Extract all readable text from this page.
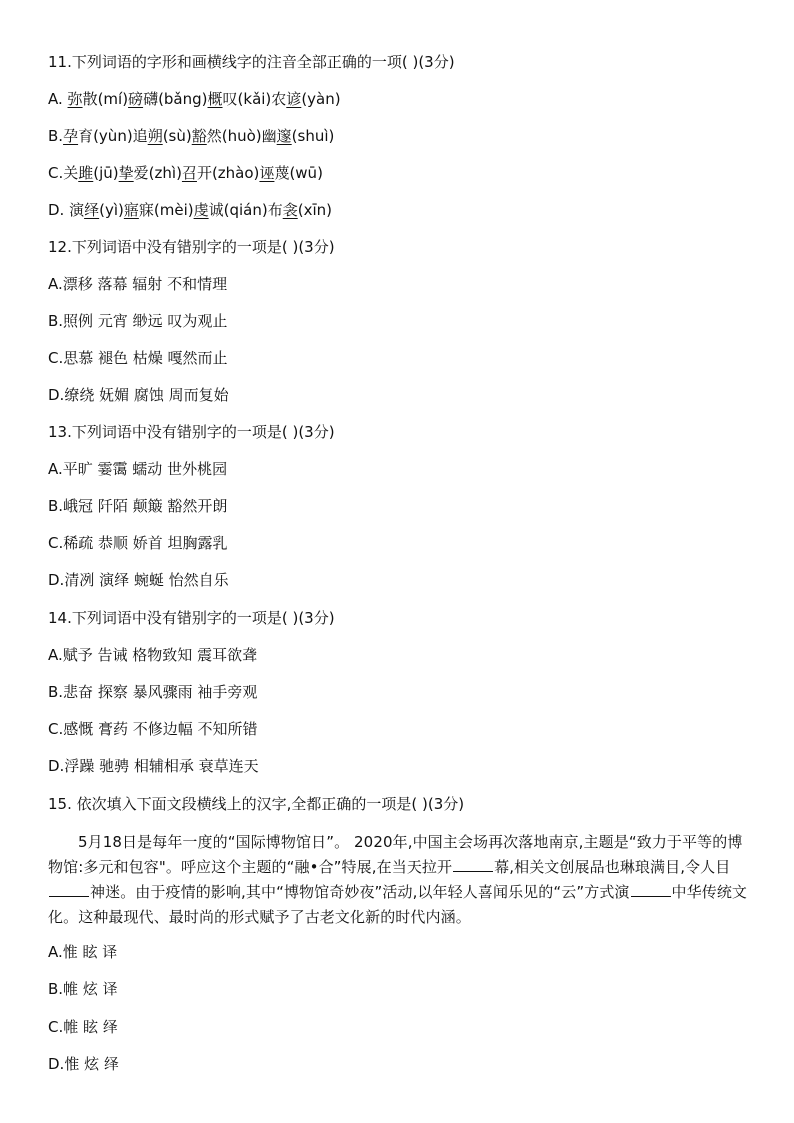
11.下列词语的字形和画横线字的注音全部正确的一项( )(3分)
A. 弥散(mí)磅礴(bǎng)概叹(kǎi)农谚(yàn)
B.孕育(yùn)追朔(sù)豁然(huò)幽邃(shuì)
C.关雎(jū)挚爱(zhì)召开(zhào)诬蔑(wū)
D. 演绎(yì)寤寐(mèi)虔诚(qián)布衾(xīn)
12.下列词语中没有错别字的一项是( )(3分)
A.漂移 落幕 辐射 不和情理
B.照例 元宵 缈远 叹为观止
C.思慕 褪色 枯燥 嘎然而止
D.缭绕 妩媚 腐蚀 周而复始
13.下列词语中没有错别字的一项是( )(3分)
A.平旷 霎霭 蠕动 世外桃园
B.峨冠 阡陌 颠簸 豁然开朗
C.稀疏 恭顺 娇首 坦胸露乳
D.清冽 演绎 蜿蜒 怡然自乐
14.下列词语中没有错别字的一项是( )(3分)
A.赋予 告诫 格物致知 震耳欲聋
B.悲奋 探察 暴风骤雨 袖手旁观
C.感慨 膏药 不修边幅 不知所错
D.浮躁 驰骋 相辅相承 衰草连天
15. 依次填入下面文段横线上的汉字,全都正确的一项是( )(3分)

5月18日是每年一度的“国际博物馆日”。 2020年,中国主会场再次落地南京,主题是“致力于平等的博物馆:多元和包容"。呼应这个主题的“融•合”特展,在当天拉开	幕,相关文创展品也琳琅满目,令人目神迷。由于疫情的影响,其中“博物馆奇妙夜”活动,以年轻人喜闻乐见的“云”方式演	中华传统文化。这种最现代、最时尚的形式赋予了古老文化新的时代内涵。

A.惟 眩 译
B.帷 炫 译
C.帷 眩 绎
D.惟 炫 绎
